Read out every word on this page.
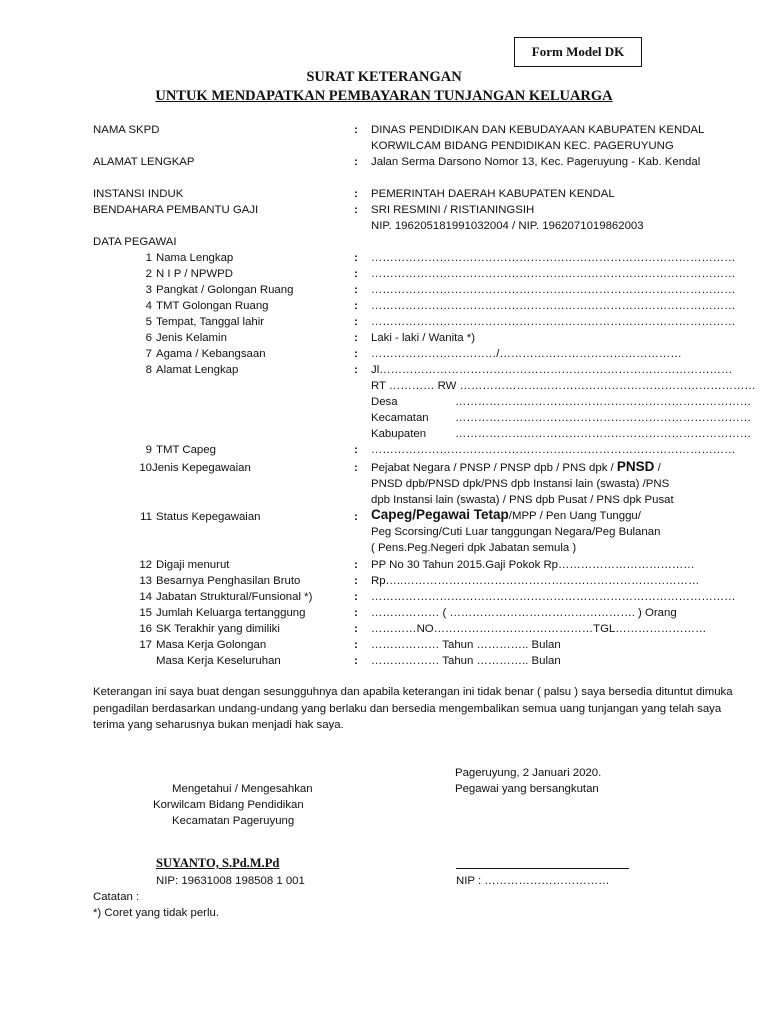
Form Model DK
SURAT KETERANGAN
UNTUK MENDAPATKAN PEMBAYARAN TUNJANGAN KELUARGA
NAMA SKPD	: DINAS PENDIDIKAN DAN KEBUDAYAAN KABUPATEN KENDAL
KORWILCAM BIDANG PENDIDIKAN KEC. PAGERUYUNG
ALAMAT LENGKAP	: Jalan Serma Darsono Nomor 13, Kec. Pageruyung - Kab. Kendal
INSTANSI INDUK	: PEMERINTAH DAERAH KABUPATEN KENDAL
BENDAHARA PEMBANTU GAJI	: SRI RESMINI / RISTIANINGSIH
NIP. 196205181991032004 / NIP. 196207101986​2003
DATA PEGAWAI
1 Nama Lengkap	: ……………………………………………………………………………………
2 N I P / NPWPD	: ……………………………………………………………………………………
3 Pangkat / Golongan Ruang	: ……………………………………………………………………………………
4 TMT Golongan Ruang	: ……………………………………………………………………………………
5 Tempat, Tanggal lahir	: ……………………………………………………………………………………
6 Jenis Kelamin	: Laki - laki / Wanita *)
7 Agama / Kebangsaan	: ……………………………/…………………………………………
8 Alamat Lengkap	: Jl…………………………………………………………………………………
RT ………… RW ……………………………………………………………………
Desa	……………………………………………………………………
Kecamatan ……………………………………………………………………
Kabupaten	……………………………………………………………………
9 TMT Capeg	: ……………………………………………………………………………………
10 Jenis Kepegawaian	: Pejabat Negara / PNSP / PNSP dpb / PNS dpk / PNSD /
PNSD dpb/PNSD dpk/PNS dpb Instansi lain (swasta) /PNS
dpb Instansi lain (swasta) / PNS dpb Pusat / PNS dpk Pusat
11 Status Kepegawaian	: Capeg/Pegawai Tetap/MPP / Pen Uang Tunggu/
Peg Scorsing/Cuti Luar tanggungan Negara/Peg Bulanan
( Pens.Peg.Negeri dpk Jabatan semula )
12 Digaji menurut	: PP No 30 Tahun 2015.Gaji Pokok Rp………………………………
13 Besarnya Penghasilan Bruto	: Rp…..……………………………………………………………………
14 Jabatan Struktural/Funsional *)	: ……………………………………………………………………………………
15 Jumlah Keluarga tertanggung	: ……………… ( …………………………………………. ) Orang
16 SK Terakhir yang dimiliki	: …………NO……………………………………TGL……………………
17 Masa Kerja Golongan	: ……………… Tahun ………….. Bulan
Masa Kerja Keseluruhan	: ……………… Tahun ………….. Bulan
Keterangan ini saya buat dengan sesungguhnya dan apabila keterangan ini tidak benar ( palsu ) saya bersedia dituntut dimuka pengadilan berdasarkan undang-undang yang berlaku dan bersedia mengembalikan semua uang tunjangan yang telah saya terima yang seharusnya bukan menjadi hak saya.
Pageruyung, 2 Januari 2020.
Pegawai yang bersangkutan
Mengetahui / Mengesahkan
Korwilcam Bidang Pendidikan
Kecamatan Pageruyung
SUYANTO, S.Pd.M.Pd
NIP: 19631008 198508 1 001	NIP : ……………………………
Catatan :
*) Coret yang tidak perlu.
